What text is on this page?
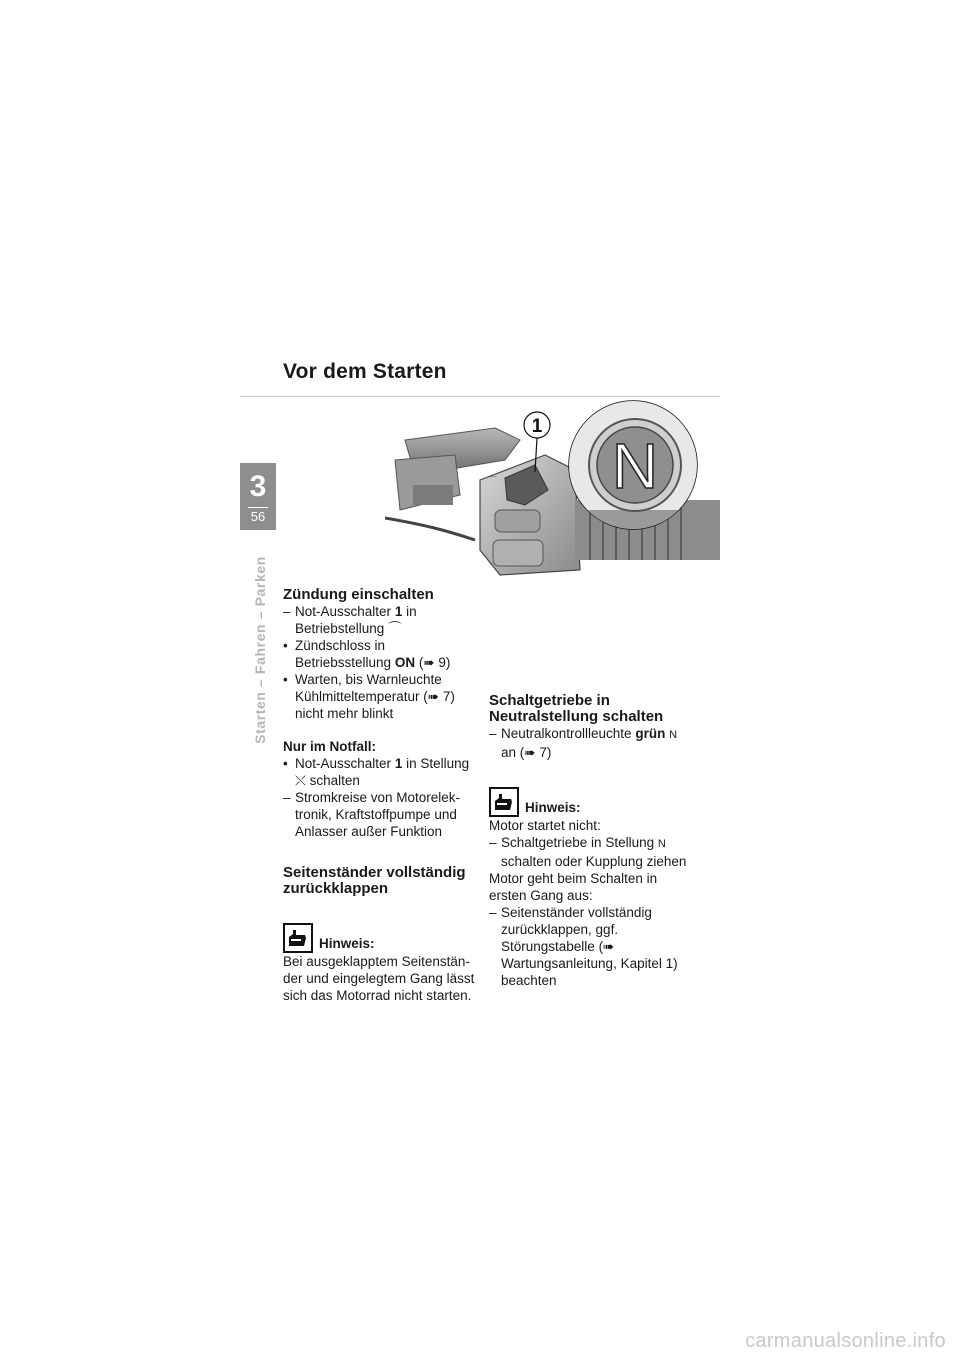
Vor dem Starten
3
56
Starten – Fahren – Parken
⌒
1
N
Zündung einschalten
– Not-Ausschalter 1 in Betriebstellung ⌒
• Zündschloss in Betriebsstellung ON (➠ 9)
• Warten, bis Warnleuchte Kühlmitteltemperatur (➠ 7) nicht mehr blinkt
Nur im Notfall:
• Not-Ausschalter 1 in Stellung
⤬ schalten
– Stromkreise von Motorelek-tronik, Kraftstoffpumpe und Anlasser außer Funktion
Seitenständer vollständig zurückklappen
Hinweis:
Bei ausgeklapptem Seitenstän-der und eingelegtem Gang lässt sich das Motorrad nicht starten.
Schaltgetriebe in Neutralstellung schalten
– Neutralkontrollleuchte grün N
an (➠ 7)
Hinweis:
Motor startet nicht:
– Schaltgetriebe in Stellung N schalten oder Kupplung ziehen
Motor geht beim Schalten in ersten Gang aus:
– Seitenständer vollständig zurückklappen, ggf. Störungstabelle (➠ Wartungsanleitung, Kapitel 1) beachten
carmanualsonline.info
